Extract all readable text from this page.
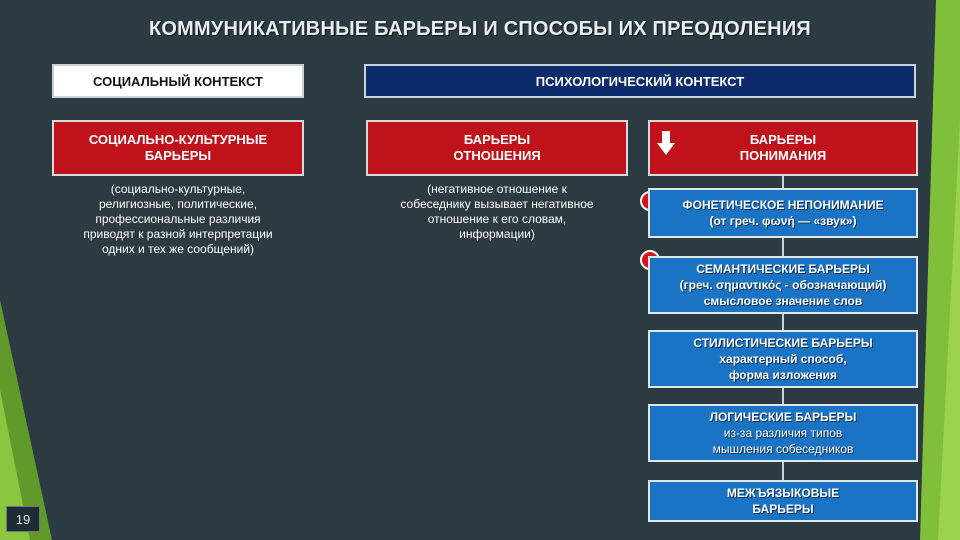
КОММУНИКАТИВНЫЕ БАРЬЕРЫ И СПОСОБЫ ИХ ПРЕОДОЛЕНИЯ
СОЦИАЛЬНЫЙ КОНТЕКСТ	ПСИХОЛОГИЧЕСКИЙ КОНТЕКСТ
СОЦИАЛЬНО-КУЛЬТУРНЫЕ
БАРЬЕРЫ
БАРЬЕРЫ
ОТНОШЕНИЯ
БАРЬЕРЫ
ПОНИМАНИЯ
(социально-культурные,
религиозные, политические,
профессиональные различия
приводят к разной интерпретации
одних и тех же сообщений)
(негативное отношение к
собеседнику вызывает негативное
отношение к его словам,
информации)
ФОНЕТИЧЕСКОЕ НЕПОНИМАНИЕ
(от греч. φωνή — «звук»)
СЕМАНТИЧЕСКИЕ БАРЬЕРЫ
(греч. σημαντικός - обозначающий)
смысловое значение слов
СТИЛИСТИЧЕСКИЕ БАРЬЕРЫ
характерный способ,
форма изложения
ЛОГИЧЕСКИЕ БАРЬЕРЫ
из-за различия типов
мышления собеседников
МЕЖЪЯЗЫКОВЫЕ
БАРЬЕРЫ
19
